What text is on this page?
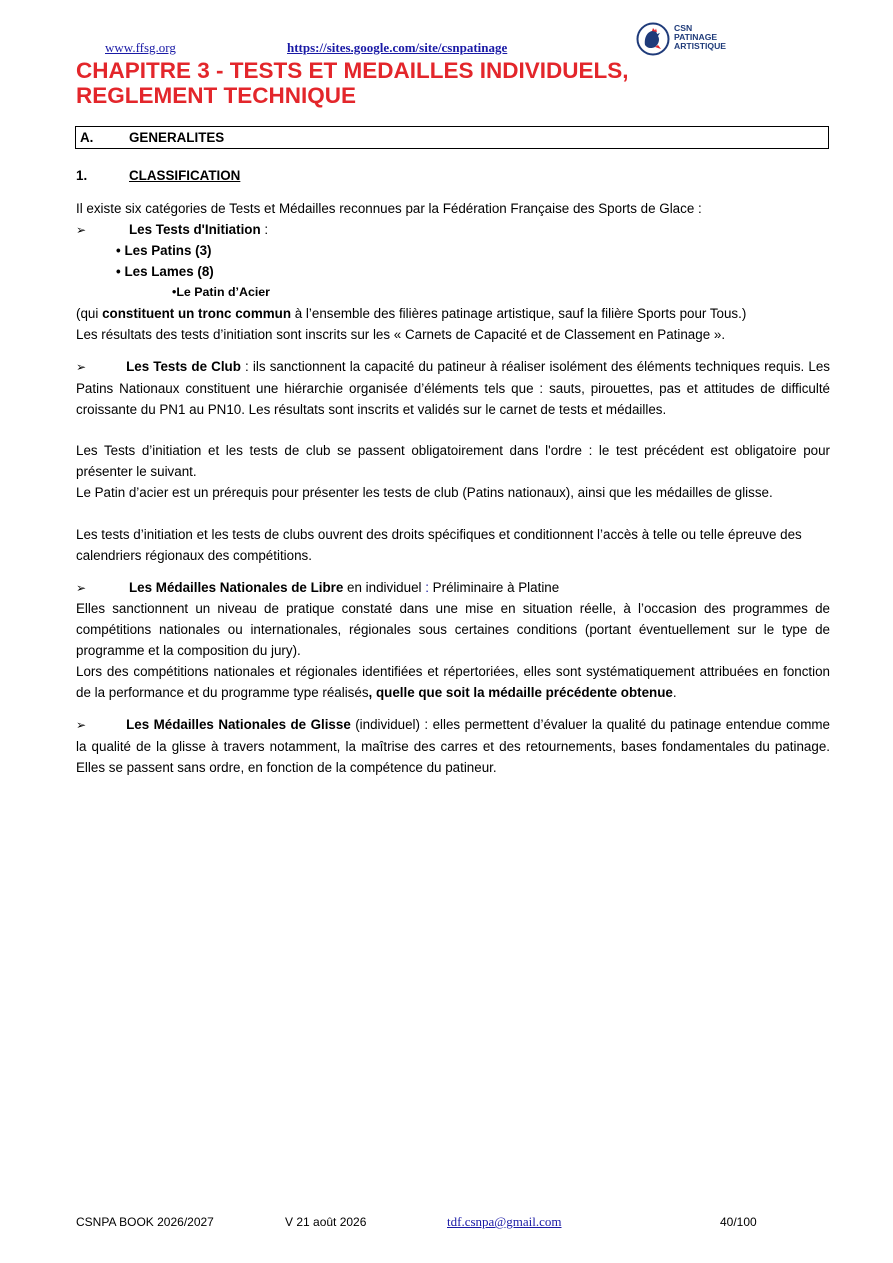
www.ffsg.org	https://sites.google.com/site/csnpatinage
CSN
PATINAGE
ARTISTIQUE
CHAPITRE 3 - TESTS ET MEDAILLES INDIVIDUELS,
REGLEMENT TECHNIQUE
A.	GENERALITES
1.	CLASSIFICATION
Il existe six catégories de Tests et Médailles reconnues par la Fédération Française des Sports de Glace :
➢	Les Tests d'Initiation :
• Les Patins (3)
• Les Lames (8)
•Le Patin d’Acier
(qui constituent un tronc commun à l’ensemble des filières patinage artistique, sauf la filière Sports pour Tous.)
Les résultats des tests d’initiation sont inscrits sur les « Carnets de Capacité et de Classement en Patinage ».

➢	Les Tests de Club : ils sanctionnent la capacité du patineur à réaliser isolément des éléments techniques requis. Les Patins Nationaux constituent une hiérarchie organisée d’éléments tels que : sauts, pirouettes, pas et attitudes de difficulté croissante du PN1 au PN10. Les résultats sont inscrits et validés sur le carnet de tests et médailles.

Les Tests d’initiation et les tests de club se passent obligatoirement dans l'ordre : le test précédent est obligatoire pour présenter le suivant.

Le Patin d’acier est un prérequis pour présenter les tests de club (Patins nationaux), ainsi que les médailles de glisse.

Les tests d’initiation et les tests de clubs ouvrent des droits spécifiques et conditionnent l’accès à telle ou telle épreuve des calendriers régionaux des compétitions.

➢	Les Médailles Nationales de Libre en individuel : Préliminaire à Platine

Elles sanctionnent un niveau de pratique constaté dans une mise en situation réelle, à l’occasion des programmes de compétitions nationales ou internationales, régionales sous certaines conditions (portant éventuellement sur le type de programme et la composition du jury).

Lors des compétitions nationales et régionales identifiées et répertoriées, elles sont systématiquement attribuées en fonction de la performance et du programme type réalisés, quelle que soit la médaille précédente obtenue.

➢	Les Médailles Nationales de Glisse (individuel) : elles permettent d’évaluer la qualité du patinage entendue comme la qualité de la glisse à travers notamment, la maîtrise des carres et des retournements, bases fondamentales du patinage. Elles se passent sans ordre, en fonction de la compétence du patineur.

CSNPA BOOK 2026/2027	V 21 août 2026	tdf.csnpa@gmail.com	40/100
